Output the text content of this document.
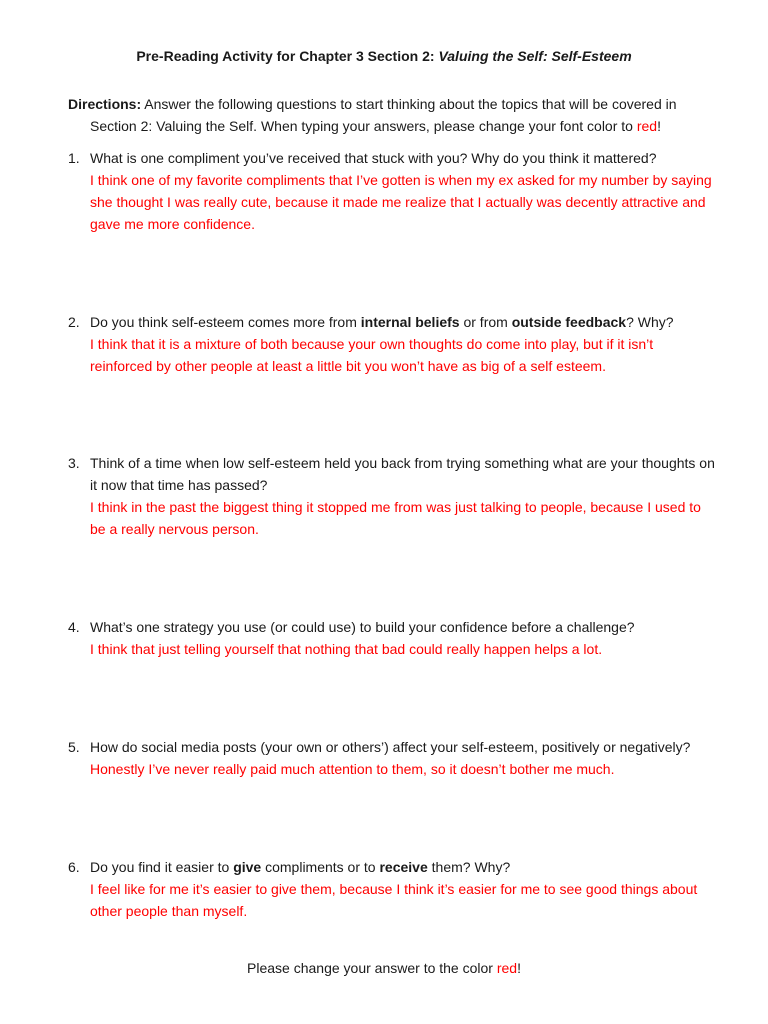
Pre-Reading Activity for Chapter 3 Section 2: Valuing the Self: Self-Esteem
Directions: Answer the following questions to start thinking about the topics that will be covered in
Section 2: Valuing the Self. When typing your answers, please change your font color to red!
1. What is one compliment you’ve received that stuck with you? Why do you think it mattered?
I think one of my favorite compliments that I’ve gotten is when my ex asked for my number by saying she thought I was really cute, because it made me realize that I actually was decently attractive and gave me more confidence.
2. Do you think self-esteem comes more from internal beliefs or from outside feedback? Why?
I think that it is a mixture of both because your own thoughts do come into play, but if it isn’t reinforced by other people at least a little bit you won’t have as big of a self esteem.
3. Think of a time when low self-esteem held you back from trying something what are your thoughts on it now that time has passed?
I think in the past the biggest thing it stopped me from was just talking to people, because I used to be a really nervous person.
4. What’s one strategy you use (or could use) to build your confidence before a challenge?
I think that just telling yourself that nothing that bad could really happen helps a lot.
5. How do social media posts (your own or others’) affect your self-esteem, positively or negatively?
Honestly I’ve never really paid much attention to them, so it doesn’t bother me much.
6. Do you find it easier to give compliments or to receive them? Why?
I feel like for me it’s easier to give them, because I think it’s easier for me to see good things about other people than myself.
Please change your answer to the color red!
